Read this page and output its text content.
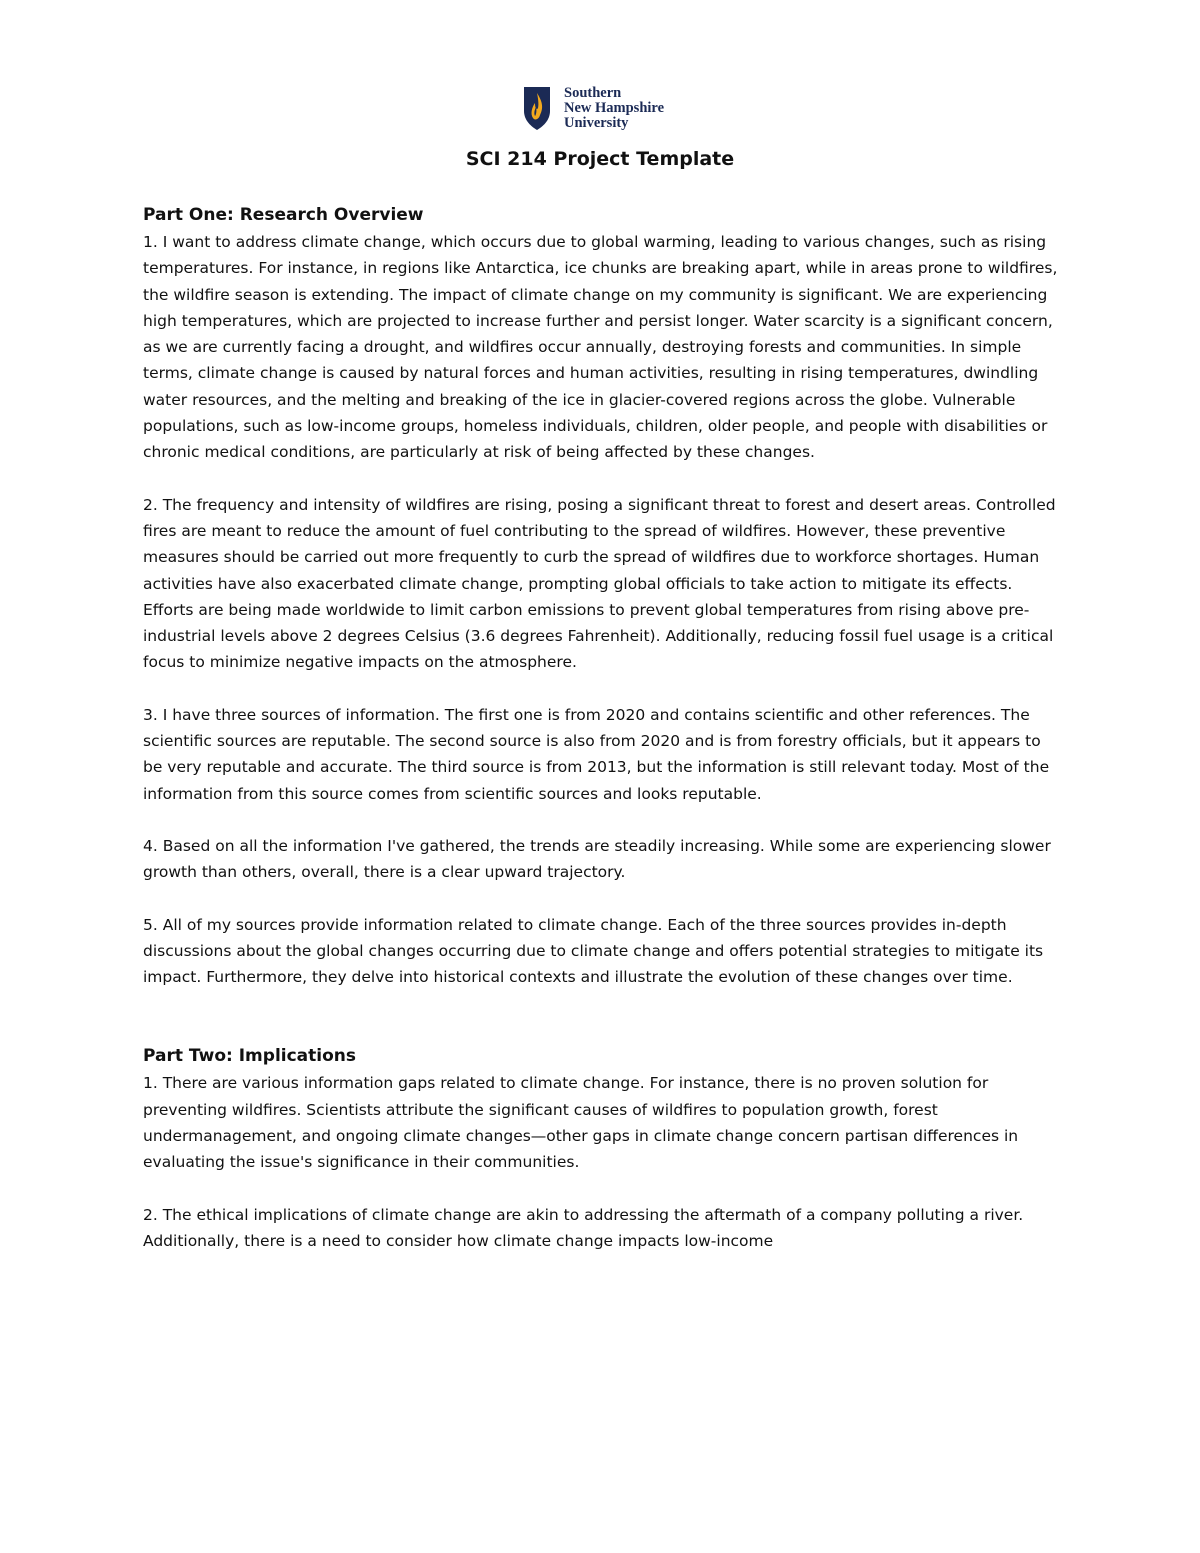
Southern
New Hampshire
University
SCI 214 Project Template
Part One: Research Overview

1. I want to address climate change, which occurs due to global warming, leading to various changes, such as rising temperatures. For instance, in regions like Antarctica, ice chunks are breaking apart, while in areas prone to wildfires, the wildfire season is extending. The impact of climate change on my community is significant. We are experiencing high temperatures, which are projected to increase further and persist longer. Water scarcity is a significant concern, as we are currently facing a drought, and wildfires occur annually, destroying forests and communities. In simple terms, climate change is caused by natural forces and human activities, resulting in rising temperatures, dwindling water resources, and the melting and breaking of the ice in glacier-covered regions across the globe. Vulnerable populations, such as low-income groups, homeless individuals, children, older people, and people with disabilities or chronic medical conditions, are particularly at risk of being affected by these changes.

2. The frequency and intensity of wildfires are rising, posing a significant threat to forest and desert areas. Controlled fires are meant to reduce the amount of fuel contributing to the spread of wildfires. However, these preventive measures should be carried out more frequently to curb the spread of wildfires due to workforce shortages. Human activities have also exacerbated climate change, prompting global officials to take action to mitigate its effects. Efforts are being made worldwide to limit carbon emissions to prevent global temperatures from rising above pre-industrial levels above 2 degrees Celsius (3.6 degrees Fahrenheit). Additionally, reducing fossil fuel usage is a critical focus to minimize negative impacts on the atmosphere.

3. I have three sources of information. The first one is from 2020 and contains scientific and other references. The scientific sources are reputable. The second source is also from 2020 and is from forestry officials, but it appears to be very reputable and accurate. The third source is from 2013, but the information is still relevant today. Most of the information from this source comes from scientific sources and looks reputable.

4. Based on all the information I've gathered, the trends are steadily increasing. While some are experiencing slower growth than others, overall, there is a clear upward trajectory.

5. All of my sources provide information related to climate change. Each of the three sources provides in-depth discussions about the global changes occurring due to climate change and offers potential strategies to mitigate its impact. Furthermore, they delve into historical contexts and illustrate the evolution of these changes over time.

Part Two: Implications

1. There are various information gaps related to climate change. For instance, there is no proven solution for preventing wildfires. Scientists attribute the significant causes of wildfires to population growth, forest undermanagement, and ongoing climate changes—other gaps in climate change concern partisan differences in evaluating the issue's significance in their communities.

2. The ethical implications of climate change are akin to addressing the aftermath of a company polluting a river. Additionally, there is a need to consider how climate change impacts low-income
